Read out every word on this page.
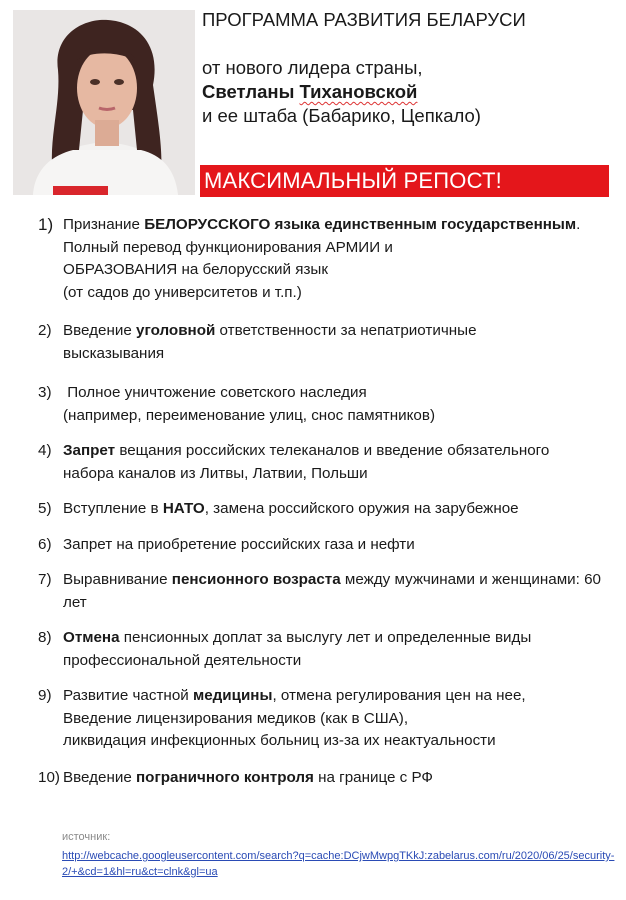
ПРОГРАММА РАЗВИТИЯ БЕЛАРУСИ
от нового лидера страны,
Светланы Тихановской
и ее штаба (Бабарико, Цепкало)
МАКСИМАЛЬНЫЙ РЕПОСТ!
1) Признание БЕЛОРУССКОГО языка единственным государственным.
Полный перевод функционирования АРМИИ и ОБРАЗОВАНИЯ на белорусский язык
(от садов до университетов и т.п.)
2) Введение уголовной ответственности за непатриотичные высказывания
3) Полное уничтожение советского наследия
(например, переименование улиц, снос памятников)
4) Запрет вещания российских телеканалов и введение обязательного набора каналов из Литвы, Латвии, Польши
5) Вступление в НАТО, замена российского оружия на зарубежное
6) Запрет на приобретение российских газа и нефти
7) Выравнивание пенсионного возраста между мужчинами и женщинами: 60 лет
8) Отмена пенсионных доплат за выслугу лет и определенные виды профессиональной деятельности
9) Развитие частной медицины, отмена регулирования цен на нее,
Введение лицензирования медиков (как в США),
ликвидация инфекционных больниц из-за их неактуальности
10) Введение пограничного контроля на границе с РФ
источник:
http://webcache.googleusercontent.com/search?q=cache:DCjwMwpgTKkJ:zabelarus.com/ru/2020/06/25/security-2/+&cd=1&hl=ru&ct=clnk&gl=ua
